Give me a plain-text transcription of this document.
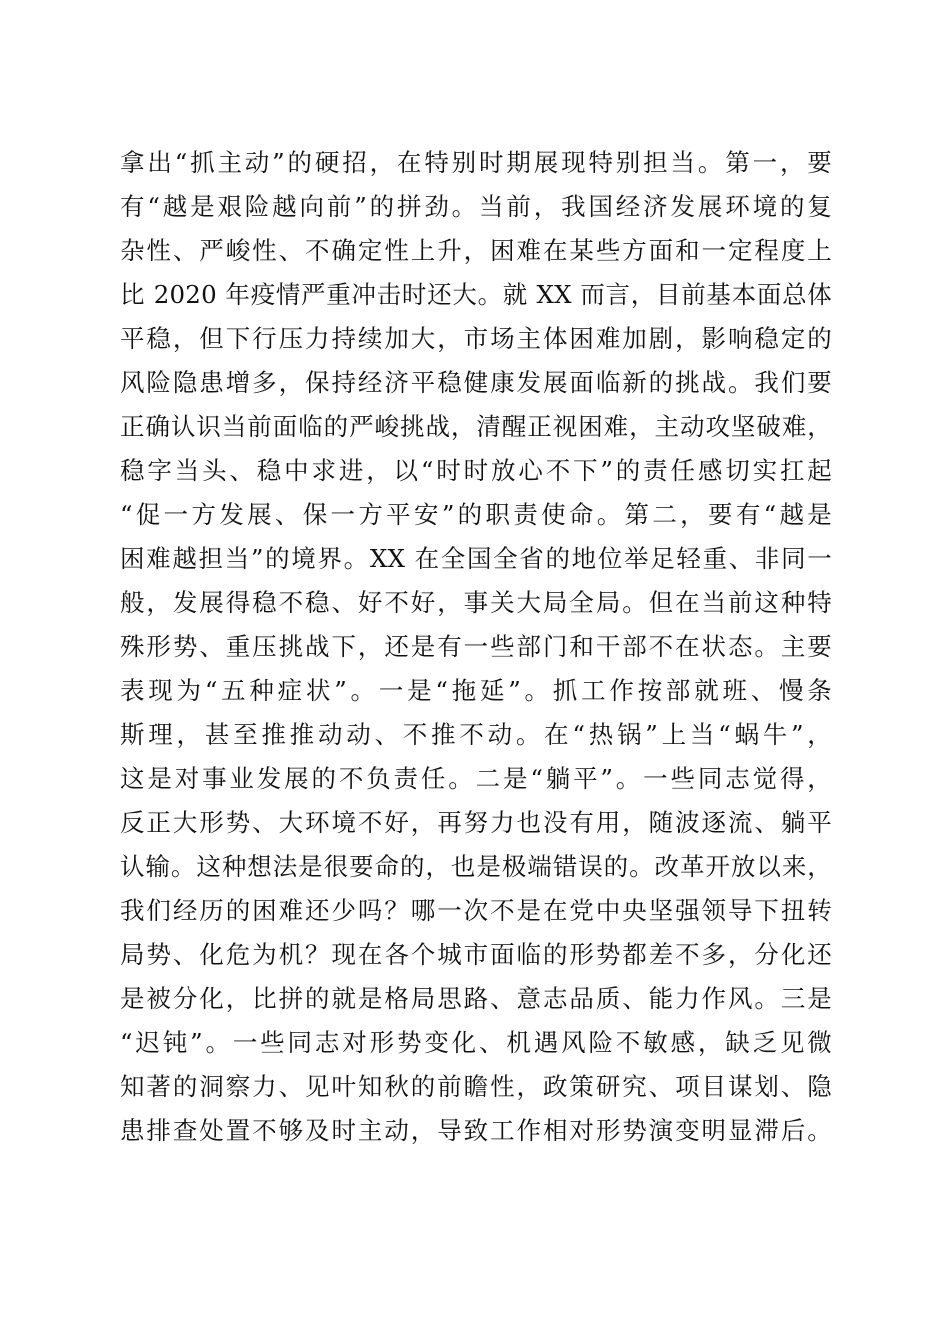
拿出“抓主动”的硬招，在特别时期展现特别担当。第一，要
有“越是艰险越向前”的拼劲。当前，我国经济发展环境的复
杂性、严峻性、不确定性上升，困难在某些方面和一定程度上
比 2020 年疫情严重冲击时还大。就 XX 而言，目前基本面总体
平稳，但下行压力持续加大，市场主体困难加剧，影响稳定的
风险隐患增多，保持经济平稳健康发展面临新的挑战。我们要
正确认识当前面临的严峻挑战，清醒正视困难，主动攻坚破难，
稳字当头、稳中求进，以“时时放心不下”的责任感切实扛起
“促一方发展、保一方平安”的职责使命。第二，要有“越是
困难越担当”的境界。XX 在全国全省的地位举足轻重、非同一
般，发展得稳不稳、好不好，事关大局全局。但在当前这种特
殊形势、重压挑战下，还是有一些部门和干部不在状态。主要
表现为“五种症状”。一是“拖延”。抓工作按部就班、慢条
斯理，甚至推推动动、不推不动。在“热锅”上当“蜗牛”，
这是对事业发展的不负责任。二是“躺平”。一些同志觉得，
反正大形势、大环境不好，再努力也没有用，随波逐流、躺平
认输。这种想法是很要命的，也是极端错误的。改革开放以来，
我们经历的困难还少吗？哪一次不是在党中央坚强领导下扭转
局势、化危为机？现在各个城市面临的形势都差不多，分化还
是被分化，比拼的就是格局思路、意志品质、能力作风。三是
“迟钝”。一些同志对形势变化、机遇风险不敏感，缺乏见微
知著的洞察力、见叶知秋的前瞻性，政策研究、项目谋划、隐
患排查处置不够及时主动，导致工作相对形势演变明显滞后。
